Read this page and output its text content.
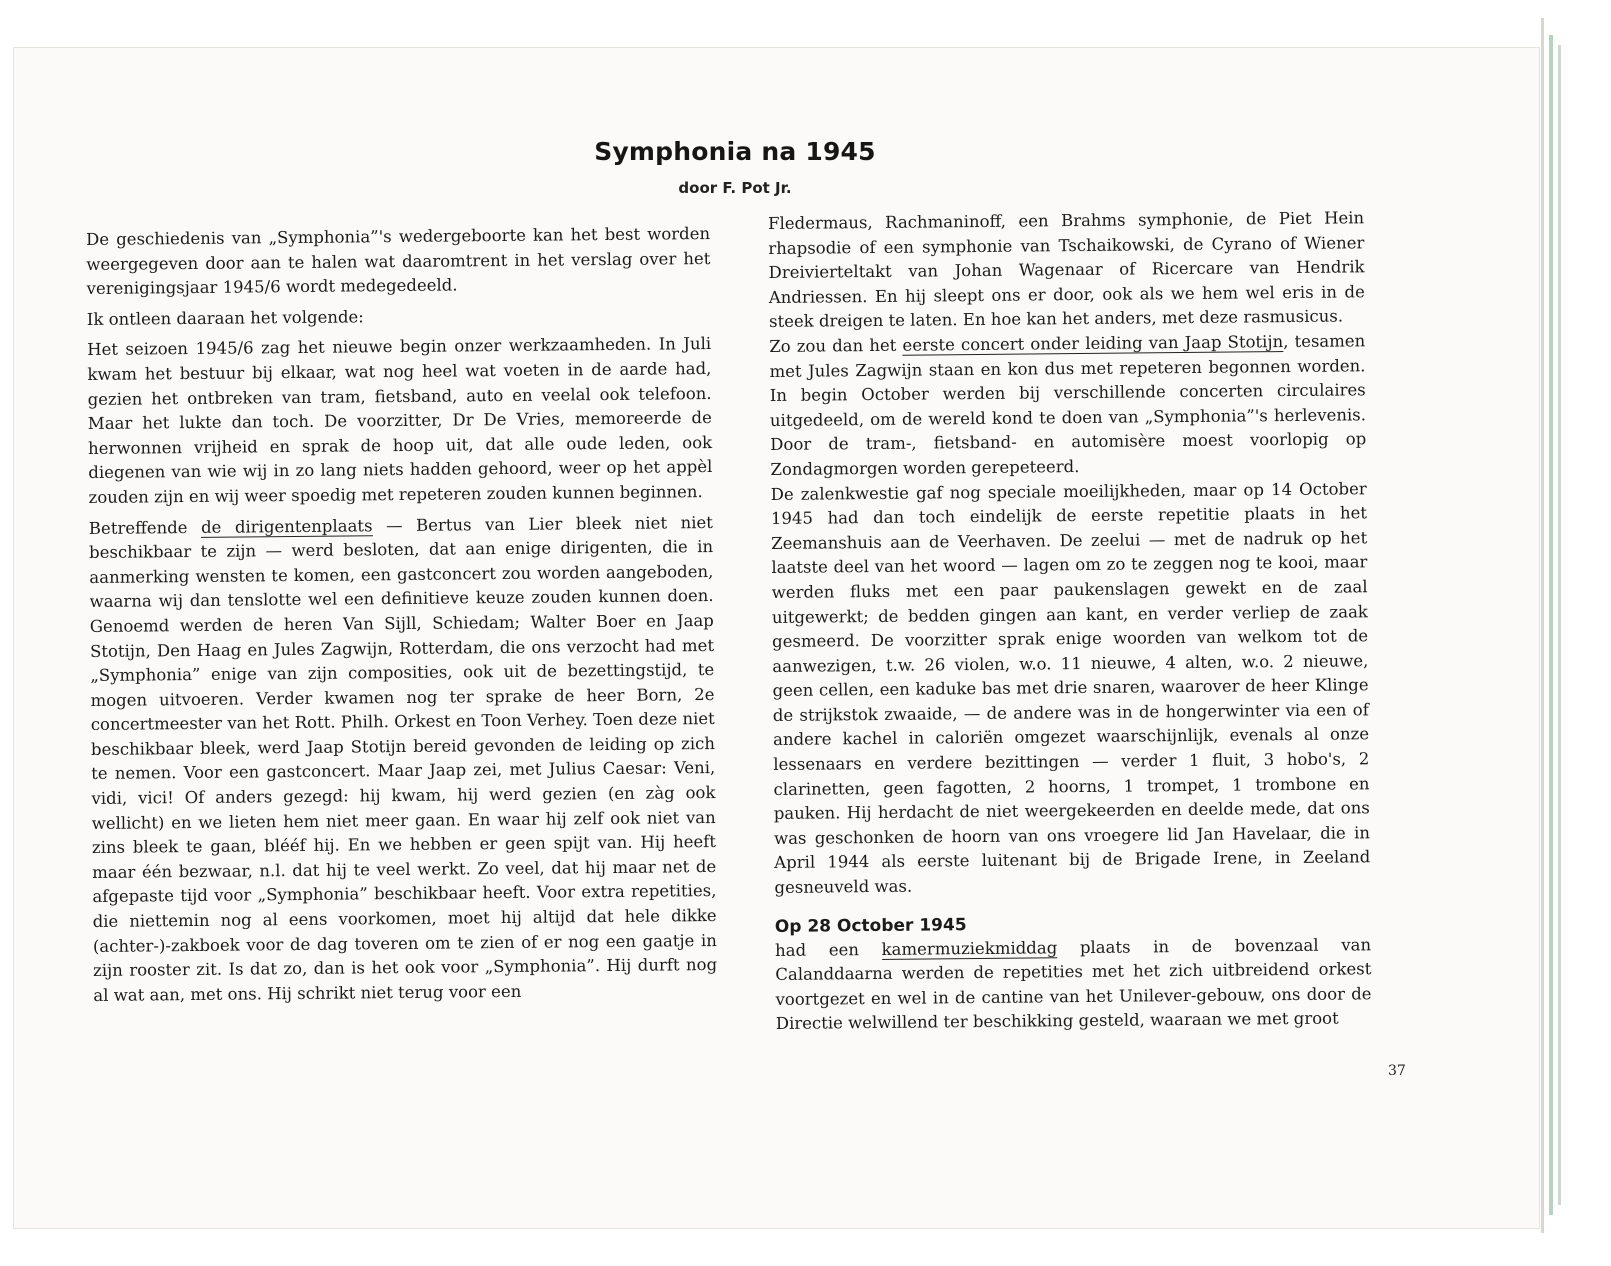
Symphonia na 1945
door F. Pot Jr.

De geschiedenis van „Symphonia”'s wedergeboorte kan het best worden weergegeven door aan te halen wat daaromtrent in het verslag over het verenigingsjaar 1945/6 wordt medegedeeld.

Ik ontleen daaraan het volgende:

Het seizoen 1945/6 zag het nieuwe begin onzer werkzaamheden. In Juli kwam het bestuur bij elkaar, wat nog heel wat voeten in de aarde had, gezien het ontbreken van tram, fietsband, auto en veelal ook telefoon. Maar het lukte dan toch. De voorzitter, Dr De Vries, memoreerde de herwonnen vrijheid en sprak de hoop uit, dat alle oude leden, ook diegenen van wie wij in zo lang niets hadden gehoord, weer op het appèl zouden zijn en wij weer spoedig met repeteren zouden kunnen beginnen.

Betreffende de dirigentenplaats — Bertus van Lier bleek niet niet beschikbaar te zijn — werd besloten, dat aan enige dirigenten, die in aanmerking wensten te komen, een gastconcert zou worden aangeboden, waarna wij dan tenslotte wel een definitieve keuze zouden kunnen doen. Genoemd werden de heren Van Sijll, Schiedam; Walter Boer en Jaap Stotijn, Den Haag en Jules Zagwijn, Rotterdam, die ons verzocht had met „Symphonia” enige van zijn composities, ook uit de bezettingstijd, te mogen uitvoeren. Verder kwamen nog ter sprake de heer Born, 2e concertmeester van het Rott. Philh. Orkest en Toon Verhey. Toen deze niet beschikbaar bleek, werd Jaap Stotijn bereid gevonden de leiding op zich te nemen. Voor een gastconcert. Maar Jaap zei, met Julius Caesar: Veni, vidi, vici! Of anders gezegd: hij kwam, hij werd gezien (en zàg ook wellicht) en we lieten hem niet meer gaan. En waar hij zelf ook niet van zins bleek te gaan, blééf hij. En we hebben er geen spijt van. Hij heeft maar één bezwaar, n.l. dat hij te veel werkt. Zo veel, dat hij maar net de afgepaste tijd voor „Symphonia” beschikbaar heeft. Voor extra repetities, die niettemin nog al eens voorkomen, moet hij altijd dat hele dikke (achter-)-zakboek voor de dag toveren om te zien of er nog een gaatje in zijn rooster zit. Is dat zo, dan is het ook voor „Symphonia”. Hij durft nog al wat aan, met ons. Hij schrikt niet terug voor een

Fledermaus, Rachmaninoff, een Brahms symphonie, de Piet Hein rhapsodie of een symphonie van Tschaikowski, de Cyrano of Wiener Dreivierteltakt van Johan Wagenaar of Ricercare van Hendrik Andriessen. En hij sleept ons er door, ook als we hem wel eris in de steek dreigen te laten. En hoe kan het anders, met deze rasmusicus.

Zo zou dan het eerste concert onder leiding van Jaap Stotijn, tesamen met Jules Zagwijn staan en kon dus met repeteren begonnen worden. In begin October werden bij verschillende concerten circulaires uitgedeeld, om de wereld kond te doen van „Symphonia”'s herlevenis. Door de tram-, fietsband- en automisère moest voorlopig op Zondagmorgen worden gerepeteerd.

De zalenkwestie gaf nog speciale moeilijkheden, maar op 14 October 1945 had dan toch eindelijk de eerste repetitie plaats in het Zeemanshuis aan de Veerhaven. De zeelui — met de nadruk op het laatste deel van het woord — lagen om zo te zeggen nog te kooi, maar werden fluks met een paar paukenslagen gewekt en de zaal uitgewerkt; de bedden gingen aan kant, en verder verliep de zaak gesmeerd. De voorzitter sprak enige woorden van welkom tot de aanwezigen, t.w. 26 violen, w.o. 11 nieuwe, 4 alten, w.o. 2 nieuwe, geen cellen, een kaduke bas met drie snaren, waarover de heer Klinge de strijkstok zwaaide, — de andere was in de hongerwinter via een of andere kachel in caloriën omgezet waarschijnlijk, evenals al onze lessenaars en verdere bezittingen — verder 1 fluit, 3 hobo's, 2 clarinetten, geen fagotten, 2 hoorns, 1 trompet, 1 trombone en pauken. Hij herdacht de niet weergekeerden en deelde mede, dat ons was geschonken de hoorn van ons vroegere lid Jan Havelaar, die in April 1944 als eerste luitenant bij de Brigade Irene, in Zeeland gesneuveld was.

Op 28 October 1945

had een kamermuziekmiddag plaats in de bovenzaal van Calanddaarna werden de repetities met het zich uitbreidend orkest voortgezet en wel in de cantine van het Unilever-gebouw, ons door de Directie welwillend ter beschikking gesteld, waaraan we met groot

37
